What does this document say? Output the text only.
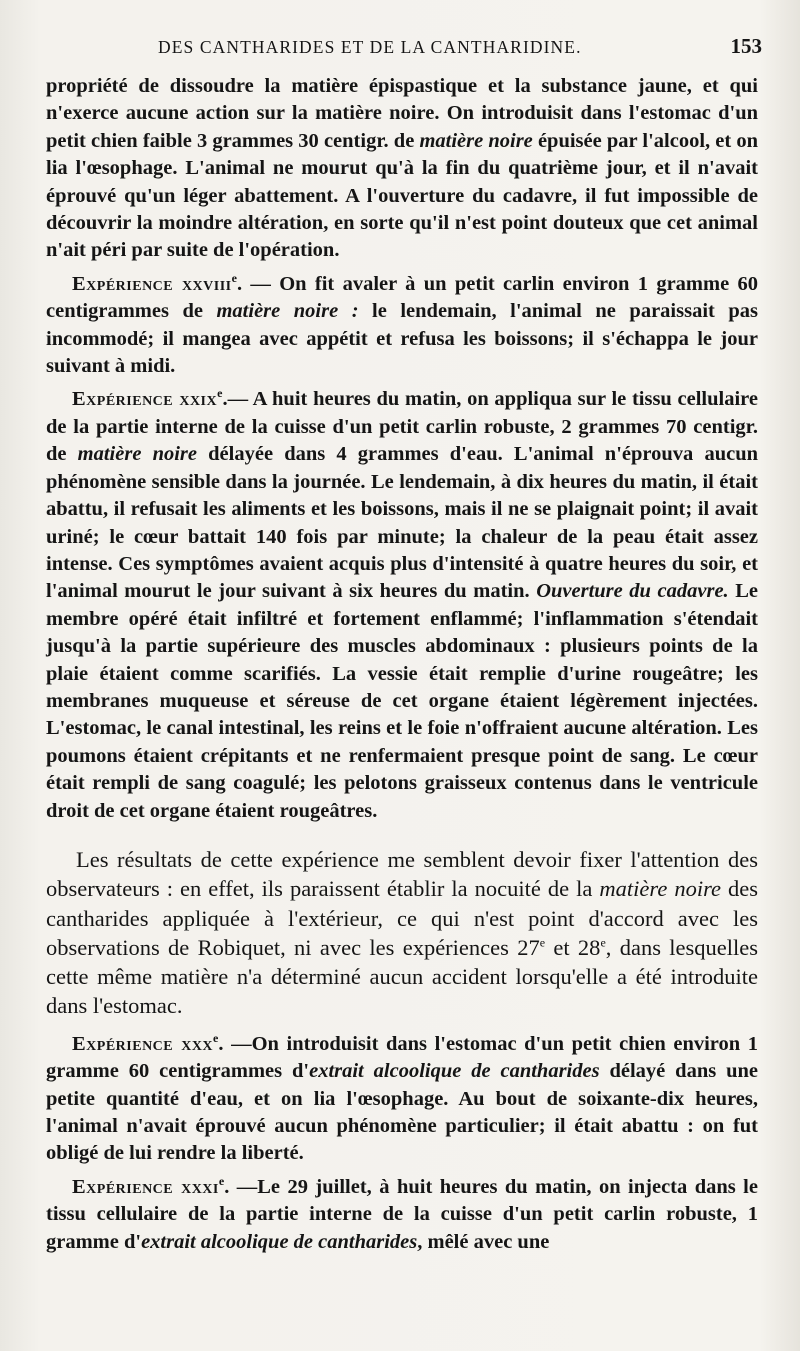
DES CANTHARIDES ET DE LA CANTHARIDINE.	153

propriété de dissoudre la matière épispastique et la substance jaune, et qui n'exerce aucune action sur la matière noire. On introduisit dans l'estomac d'un petit chien faible 3 grammes 30 centigr. de matière noire épuisée par l'alcool, et on lia l'œsophage. L'animal ne mourut qu'à la fin du quatrième jour, et il n'avait éprouvé qu'un léger abattement. A l'ouverture du cadavre, il fut impossible de découvrir la moindre altération, en sorte qu'il n'est point douteux que cet animal n'ait péri par suite de l'opération.

Expérience xxviii$^e$. — On fit avaler à un petit carlin environ 1 gramme 60 centigrammes de matière noire : le lendemain, l'animal ne paraissait pas incommodé; il mangea avec appétit et refusa les boissons; il s'échappa le jour suivant à midi.

Expérience xxix$^e$.— A huit heures du matin, on appliqua sur le tissu cellulaire de la partie interne de la cuisse d'un petit carlin robuste, 2 grammes 70 centigr. de matière noire délayée dans 4 grammes d'eau. L'animal n'éprouva aucun phénomène sensible dans la journée. Le lendemain, à dix heures du matin, il était abattu, il refusait les aliments et les boissons, mais il ne se plaignait point; il avait uriné; le cœur battait 140 fois par minute; la chaleur de la peau était assez intense. Ces symptômes avaient acquis plus d'intensité à quatre heures du soir, et l'animal mourut le jour suivant à six heures du matin. Ouverture du cadavre. Le membre opéré était infiltré et fortement enflammé; l'inflammation s'étendait jusqu'à la partie supérieure des muscles abdominaux : plusieurs points de la plaie étaient comme scarifiés. La vessie était remplie d'urine rougeâtre; les membranes muqueuse et séreuse de cet organe étaient légèrement injectées. L'estomac, le canal intestinal, les reins et le foie n'offraient aucune altération. Les poumons étaient crépitants et ne renfermaient presque point de sang. Le cœur était rempli de sang coagulé; les pelotons graisseux contenus dans le ventricule droit de cet organe étaient rougeâtres.

Les résultats de cette expérience me semblent devoir fixer l'attention des observateurs : en effet, ils paraissent établir la nocuité de la matière noire des cantharides appliquée à l'extérieur, ce qui n'est point d'accord avec les observations de Robiquet, ni avec les expériences 27e et 28e, dans lesquelles cette même matière n'a déterminé aucun accident lorsqu'elle a été introduite dans l'estomac.

Expérience xxx$^e$. —On introduisit dans l'estomac d'un petit chien environ 1 gramme 60 centigrammes d'extrait alcoolique de cantharides délayé dans une petite quantité d'eau, et on lia l'œsophage. Au bout de soixante-dix heures, l'animal n'avait éprouvé aucun phénomène particulier; il était abattu : on fut obligé de lui rendre la liberté.

Expérience xxxi$^e$. —Le 29 juillet, à huit heures du matin, on injecta dans le tissu cellulaire de la partie interne de la cuisse d'un petit carlin robuste, 1 gramme d'extrait alcoolique de cantharides, mêlé avec une
